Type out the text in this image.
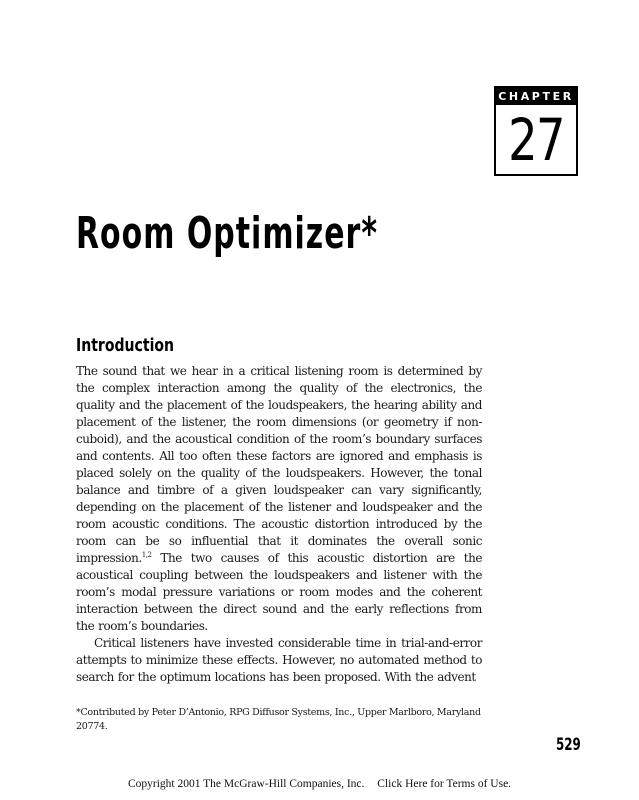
CHAPTER
27
Room Optimizer*
Introduction

The sound that we hear in a critical listening room is determined by the complex interaction among the quality of the electronics, the quality and the placement of the loudspeakers, the hearing ability and placement of the listener, the room dimensions (or geometry if non-cuboid), and the acoustical condition of the room’s boundary surfaces and contents. All too often these factors are ignored and emphasis is placed solely on the quality of the loudspeakers. However, the tonal balance and timbre of a given loudspeaker can vary significantly, depending on the placement of the listener and loudspeaker and the room acoustic conditions. The acoustic distortion introduced by the room can be so influential that it dominates the overall sonic impression.$^{1,2}$ The two causes of this acoustic distortion are the acoustical coupling between the loudspeakers and listener with the room’s modal pressure variations or room modes and the coherent interaction between the direct sound and the early reflections from the room’s boundaries.

Critical listeners have invested considerable time in trial-and-error attempts to minimize these effects. However, no automated method to search for the optimum locations has been proposed. With the advent

*Contributed by Peter D’Antonio, RPG Diffusor Systems, Inc., Upper Marlboro, Maryland 20774.
529
Copyright 2001 The McGraw-Hill Companies, Inc. Click Here for Terms of Use.
